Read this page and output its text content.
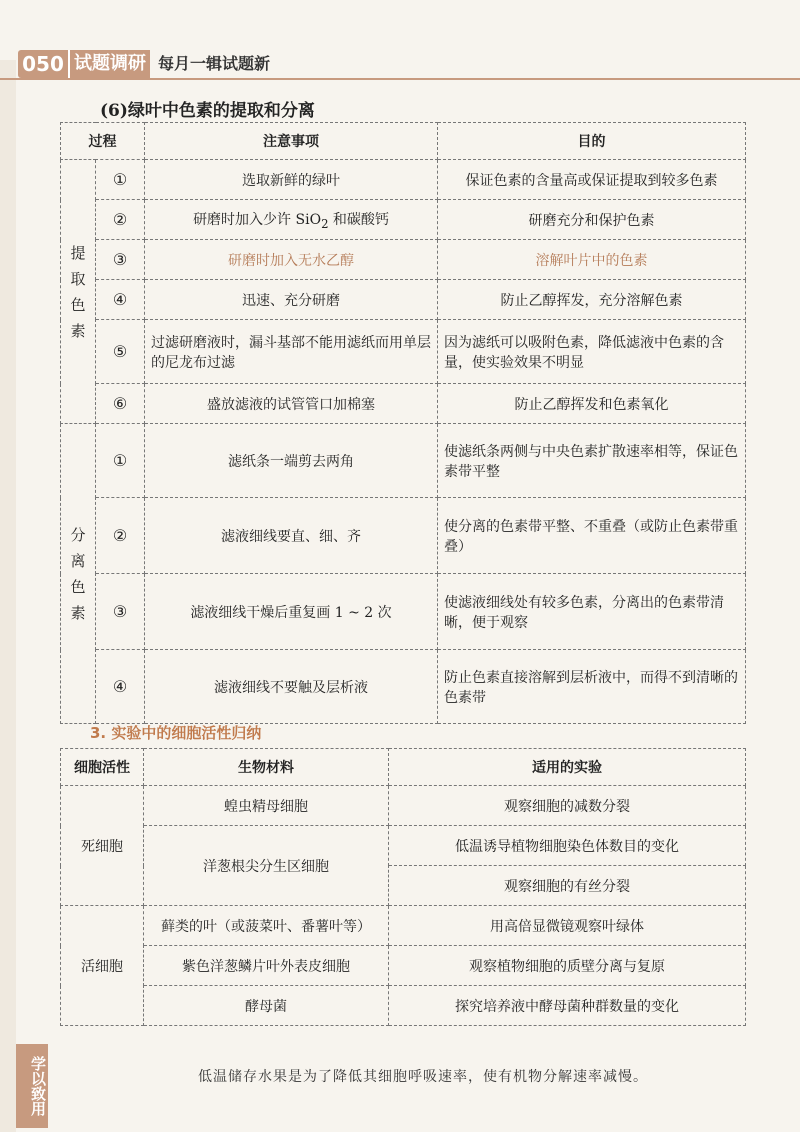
050 试题调研 每月一辑试题新
(6)绿叶中色素的提取和分离
过程		注意事项	目的
提取色素	①	选取新鲜的绿叶	保证色素的含量高或保证提取到较多色素
	②	研磨时加入少许 SiO$_2$ 和碳酸钙	研磨充分和保护色素
	③	研磨时加入无水乙醇	溶解叶片中的色素
	④	迅速、充分研磨	防止乙醇挥发，充分溶解色素
	⑤	过滤研磨液时，漏斗基部不能用滤纸而用单层的尼龙布过滤	因为滤纸可以吸附色素，降低滤液中色素的含量，使实验效果不明显
	⑥	盛放滤液的试管管口加棉塞	防止乙醇挥发和色素氧化
分离色素	①	滤纸条一端剪去两角	使滤纸条两侧与中央色素扩散速率相等，保证色素带平整
	②	滤液细线要直、细、齐	使分离的色素带平整、不重叠（或防止色素带重叠）
	③	滤液细线干燥后重复画 1 ~ 2 次	使滤液细线处有较多色素，分离出的色素带清晰，便于观察
	④	滤液细线不要触及层析液	防止色素直接溶解到层析液中，而得不到清晰的色素带
3. 实验中的细胞活性归纳
细胞活性	生物材料	适用的实验
死细胞	蝗虫精母细胞	观察细胞的减数分裂
	洋葱根尖分生区细胞	低温诱导植物细胞染色体数目的变化
		观察细胞的有丝分裂
活细胞	藓类的叶（或菠菜叶、番薯叶等）	用高倍显微镜观察叶绿体
	紫色洋葱鳞片叶外表皮细胞	观察植物细胞的质壁分离与复原
	酵母菌	探究培养液中酵母菌种群数量的变化
学以致用	低温储存水果是为了降低其细胞呼吸速率，使有机物分解速率减慢。
